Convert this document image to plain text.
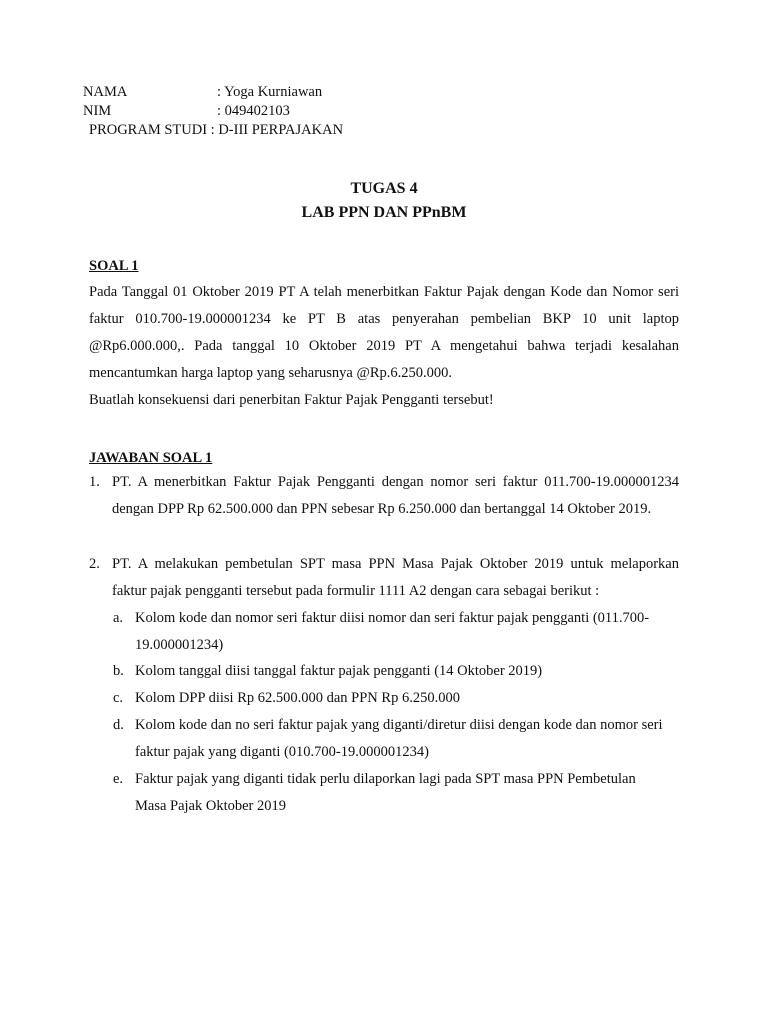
NAMA	: Yoga Kurniawan
NIM	: 049402103
PROGRAM STUDI : D-III PERPAJAKAN
TUGAS 4
LAB PPN DAN PPnBM
SOAL 1
Pada Tanggal 01 Oktober 2019 PT A telah menerbitkan Faktur Pajak dengan Kode dan Nomor seri
faktur 010.700-19.000001234 ke PT B atas penyerahan pembelian BKP 10 unit laptop
@Rp6.000.000,. Pada tanggal 10 Oktober 2019 PT A mengetahui bahwa terjadi kesalahan
mencantumkan harga laptop yang seharusnya @Rp.6.250.000.
Buatlah konsekuensi dari penerbitan Faktur Pajak Pengganti tersebut!
JAWABAN SOAL 1
1. PT. A menerbitkan Faktur Pajak Pengganti dengan nomor seri faktur 011.700-19.000001234
dengan DPP Rp 62.500.000 dan PPN sebesar Rp 6.250.000 dan bertanggal 14 Oktober 2019.
2. PT. A melakukan pembetulan SPT masa PPN Masa Pajak Oktober 2019 untuk melaporkan
faktur pajak pengganti tersebut pada formulir 1111 A2 dengan cara sebagai berikut :
a. Kolom kode dan nomor seri faktur diisi nomor dan seri faktur pajak pengganti (011.700-
19.000001234)
b. Kolom tanggal diisi tanggal faktur pajak pengganti (14 Oktober 2019)
c. Kolom DPP diisi Rp 62.500.000 dan PPN Rp 6.250.000
d. Kolom kode dan no seri faktur pajak yang diganti/diretur diisi dengan kode dan nomor seri
faktur pajak yang diganti (010.700-19.000001234)
e. Faktur pajak yang diganti tidak perlu dilaporkan lagi pada SPT masa PPN Pembetulan
Masa Pajak Oktober 2019
